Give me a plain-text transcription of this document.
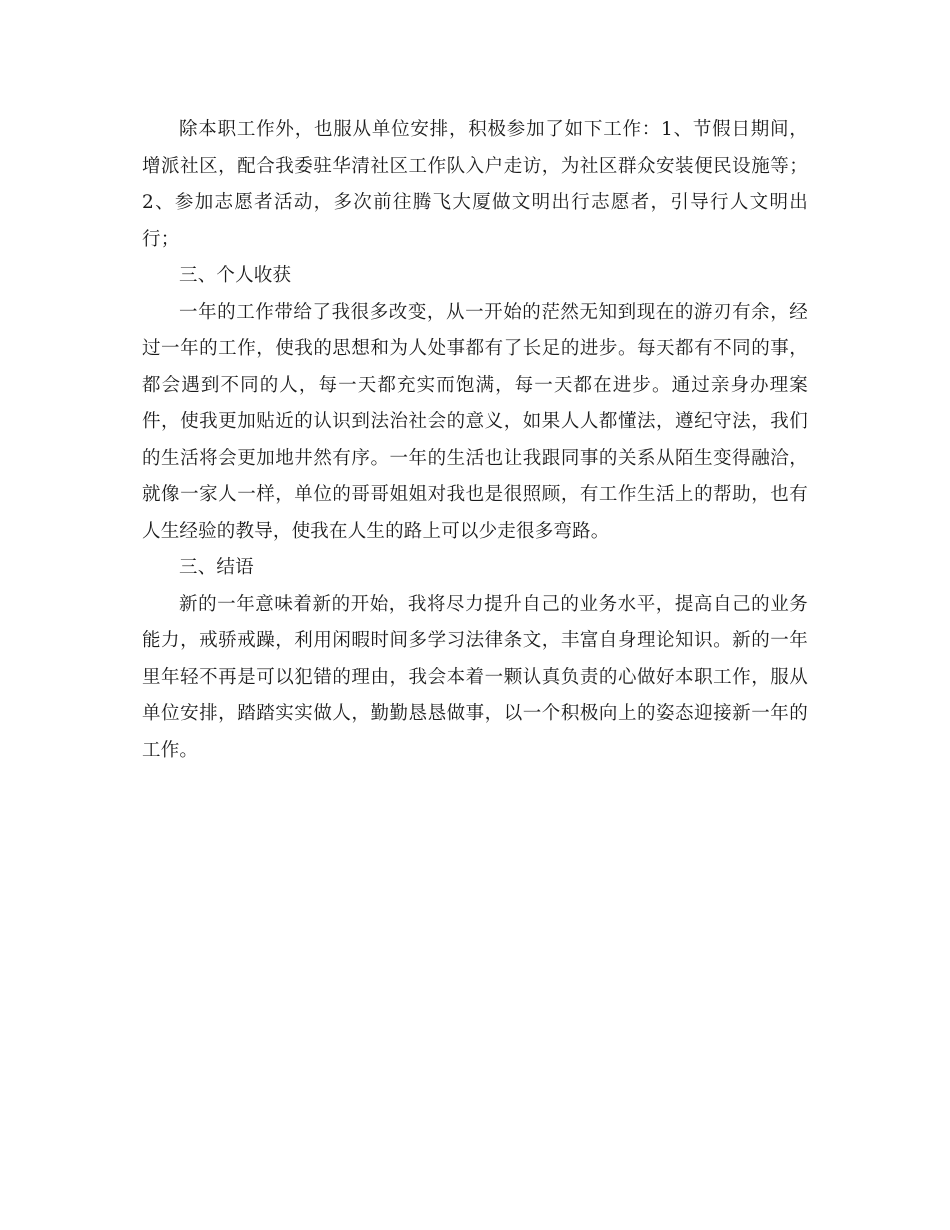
除本职工作外，也服从单位安排，积极参加了如下工作：1、节假日期间，增派社区，配合我委驻华清社区工作队入户走访，为社区群众安装便民设施等；2、参加志愿者活动，多次前往腾飞大厦做文明出行志愿者，引导行人文明出行；

三、个人收获

一年的工作带给了我很多改变，从一开始的茫然无知到现在的游刃有余，经过一年的工作，使我的思想和为人处事都有了长足的进步。每天都有不同的事，都会遇到不同的人，每一天都充实而饱满，每一天都在进步。通过亲身办理案件，使我更加贴近的认识到法治社会的意义，如果人人都懂法，遵纪守法，我们的生活将会更加地井然有序。一年的生活也让我跟同事的关系从陌生变得融洽，就像一家人一样，单位的哥哥姐姐对我也是很照顾，有工作生活上的帮助，也有人生经验的教导，使我在人生的路上可以少走很多弯路。

三、结语

新的一年意味着新的开始，我将尽力提升自己的业务水平，提高自己的业务能力，戒骄戒躁，利用闲暇时间多学习法律条文，丰富自身理论知识。新的一年里年轻不再是可以犯错的理由，我会本着一颗认真负责的心做好本职工作，服从单位安排，踏踏实实做人，勤勤恳恳做事，以一个积极向上的姿态迎接新一年的工作。
